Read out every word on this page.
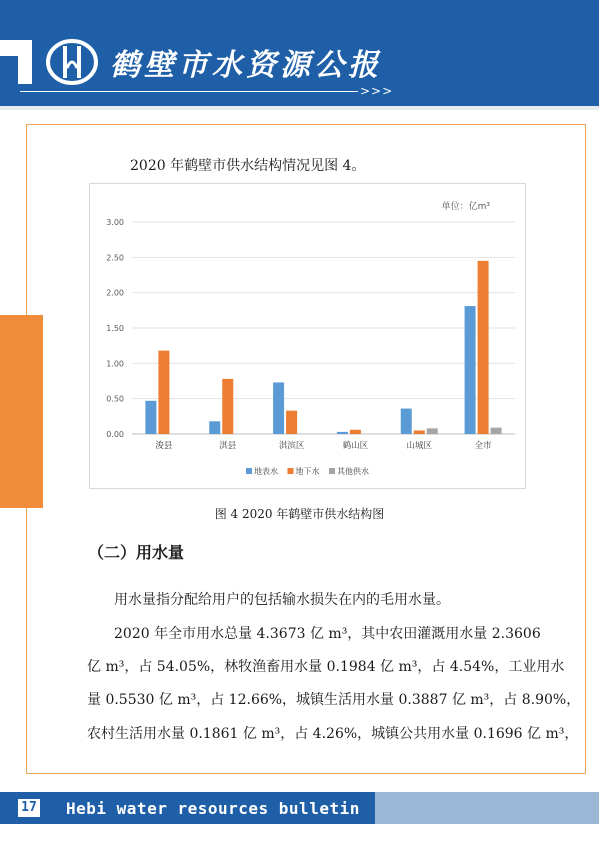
鹤壁市水资源公报
>>>
2020 年鹤壁市供水结构情况见图 4。
单位：亿m³
0.00
0.50
1.00
1.50
2.00
2.50
3.00
浚县	淇县	淇滨区	鹤山区	山城区	全市
地表水 地下水 其他供水
图 4 2020 年鹤壁市供水结构图
（二）用水量
用水量指分配给用户的包括输水损失在内的毛用水量。
2020 年全市用水总量 4.3673 亿 m³，其中农田灌溉用水量 2.3606
亿 m³，占 54.05%，林牧渔畜用水量 0.1984 亿 m³，占 4.54%，工业用水
量 0.5530 亿 m³，占 12.66%，城镇生活用水量 0.3887 亿 m³，占 8.90%，
农村生活用水量 0.1861 亿 m³，占 4.26%，城镇公共用水量 0.1696 亿 m³，
17 Hebi water resources bulletin
